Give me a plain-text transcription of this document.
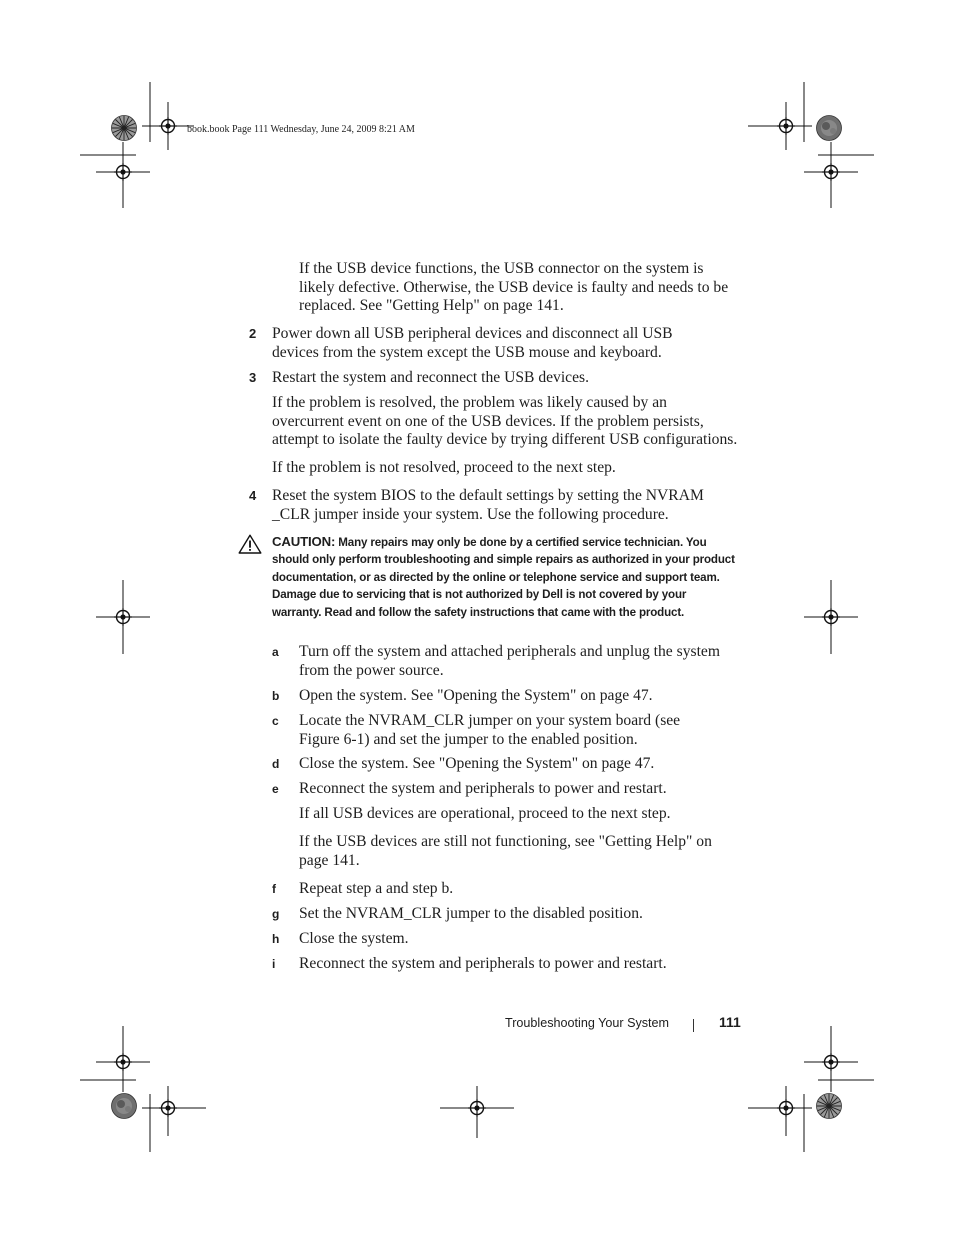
book.book Page 111 Wednesday, June 24, 2009 8:21 AM
If the USB device functions, the USB connector on the system is likely defective. Otherwise, the USB device is faulty and needs to be replaced. See "Getting Help" on page 141.
2 Power down all USB peripheral devices and disconnect all USB devices from the system except the USB mouse and keyboard.
3 Restart the system and reconnect the USB devices.
If the problem is resolved, the problem was likely caused by an overcurrent event on one of the USB devices. If the problem persists, attempt to isolate the faulty device by trying different USB configurations.
If the problem is not resolved, proceed to the next step.
4 Reset the system BIOS to the default settings by setting the NVRAM _CLR jumper inside your system. Use the following procedure.
CAUTION: Many repairs may only be done by a certified service technician. You should only perform troubleshooting and simple repairs as authorized in your product documentation, or as directed by the online or telephone service and support team. Damage due to servicing that is not authorized by Dell is not covered by your warranty. Read and follow the safety instructions that came with the product.
a Turn off the system and attached peripherals and unplug the system from the power source.
b Open the system. See "Opening the System" on page 47.
c Locate the NVRAM_CLR jumper on your system board (see Figure 6-1) and set the jumper to the enabled position.
d Close the system. See "Opening the System" on page 47.
e Reconnect the system and peripherals to power and restart.
If all USB devices are operational, proceed to the next step.
If the USB devices are still not functioning, see "Getting Help" on page 141.
f Repeat step a and step b.
g Set the NVRAM_CLR jumper to the disabled position.
h Close the system.
i Reconnect the system and peripherals to power and restart.
Troubleshooting Your System	111
